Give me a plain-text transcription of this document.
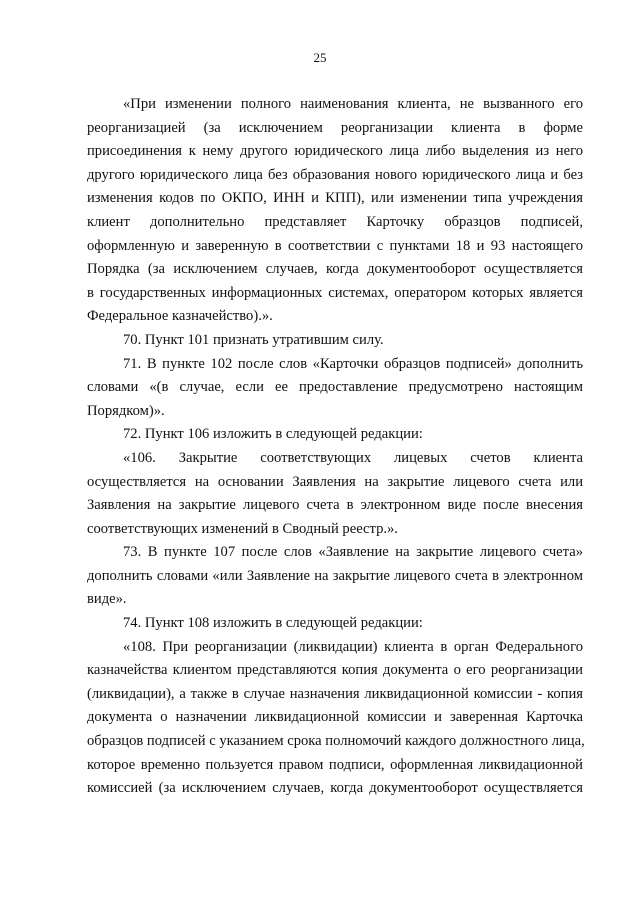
25
«При изменении полного наименования клиента, не вызванного его
реорганизацией (за исключением реорганизации клиента в форме
присоединения к нему другого юридического лица либо выделения из него
другого юридического лица без образования нового юридического лица и без
изменения кодов по ОКПО, ИНН и КПП), или изменении типа учреждения
клиент дополнительно представляет Карточку образцов подписей,
оформленную и заверенную в соответствии с пунктами 18 и 93 настоящего
Порядка (за исключением случаев, когда документооборот осуществляется
в государственных информационных системах, оператором которых является
Федеральное казначейство).».
70. Пункт 101 признать утратившим силу.
71. В пункте 102 после слов «Карточки образцов подписей» дополнить
словами «(в случае, если ее предоставление предусмотрено настоящим
Порядком)».
72. Пункт 106 изложить в следующей редакции:
«106. Закрытие соответствующих лицевых счетов клиента
осуществляется на основании Заявления на закрытие лицевого счета или
Заявления на закрытие лицевого счета в электронном виде после внесения
соответствующих изменений в Сводный реестр.».
73. В пункте 107 после слов «Заявление на закрытие лицевого счета»
дополнить словами «или Заявление на закрытие лицевого счета в электронном
виде».
74. Пункт 108 изложить в следующей редакции:
«108. При реорганизации (ликвидации) клиента в орган Федерального
казначейства клиентом представляются копия документа о его реорганизации
(ликвидации), а также в случае назначения ликвидационной комиссии - копия
документа о назначении ликвидационной комиссии и заверенная Карточка
образцов подписей с указанием срока полномочий каждого должностного лица,
которое временно пользуется правом подписи, оформленная ликвидационной
комиссией (за исключением случаев, когда документооборот осуществляется
